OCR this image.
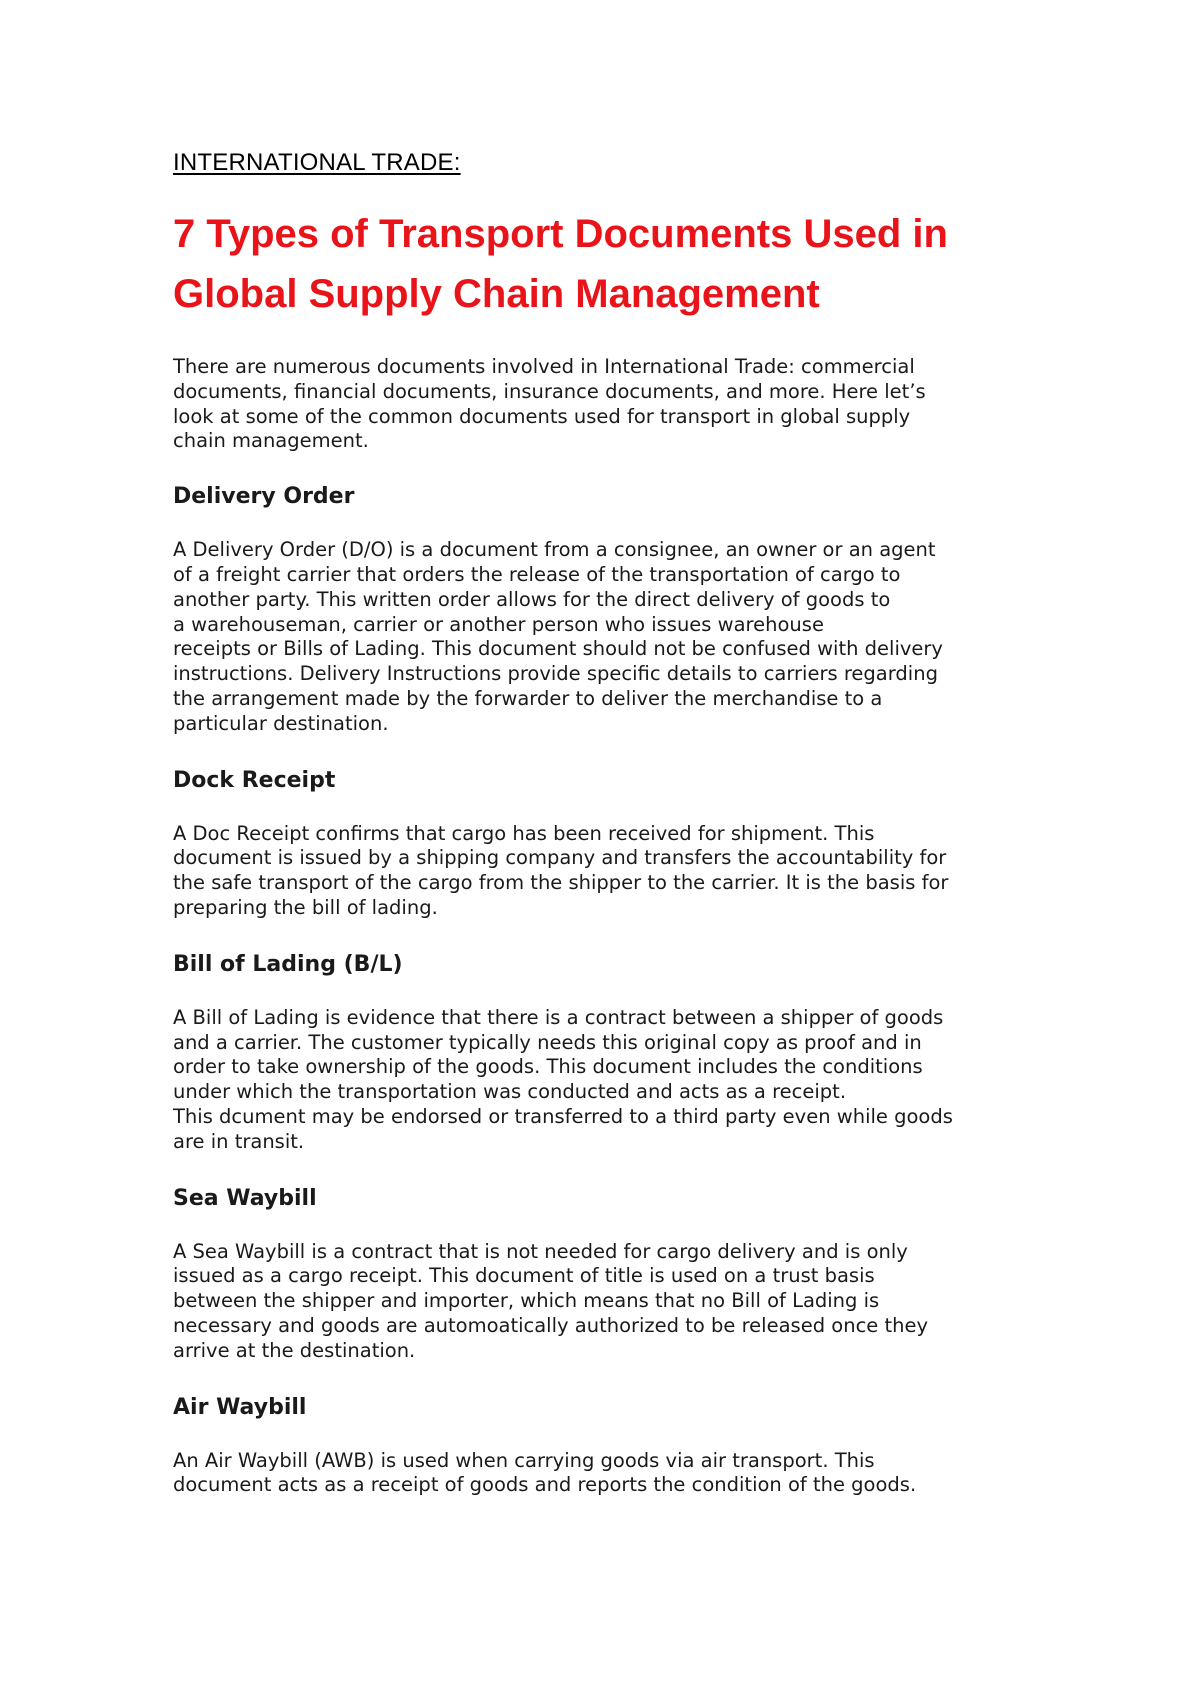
INTERNATIONAL TRADE:
7 Types of Transport Documents Used in Global Supply Chain Management

There are numerous documents involved in International Trade: commercial
documents, financial documents, insurance documents, and more. Here let’s
look at some of the common documents used for transport in global supply
chain management.

Delivery Order

A Delivery Order (D/O) is a document from a consignee, an owner or an agent
of a freight carrier that orders the release of the transportation of cargo to
another party. This written order allows for the direct delivery of goods to
a warehouseman, carrier or another person who issues warehouse
receipts or Bills of Lading. This document should not be confused with delivery
instructions. Delivery Instructions provide specific details to carriers regarding
the arrangement made by the forwarder to deliver the merchandise to a
particular destination.

Dock Receipt

A Doc Receipt confirms that cargo has been received for shipment. This
document is issued by a shipping company and transfers the accountability for
the safe transport of the cargo from the shipper to the carrier. It is the basis for
preparing the bill of lading.

Bill of Lading (B/L)

A Bill of Lading is evidence that there is a contract between a shipper of goods
and a carrier. The customer typically needs this original copy as proof and in
order to take ownership of the goods. This document includes the conditions
under which the transportation was conducted and acts as a receipt.
This dcument may be endorsed or transferred to a third party even while goods
are in transit.

Sea Waybill

A Sea Waybill is a contract that is not needed for cargo delivery and is only
issued as a cargo receipt. This document of title is used on a trust basis
between the shipper and importer, which means that no Bill of Lading is
necessary and goods are automoatically authorized to be released once they
arrive at the destination.

Air Waybill

An Air Waybill (AWB) is used when carrying goods via air transport. This
document acts as a receipt of goods and reports the condition of the goods.
